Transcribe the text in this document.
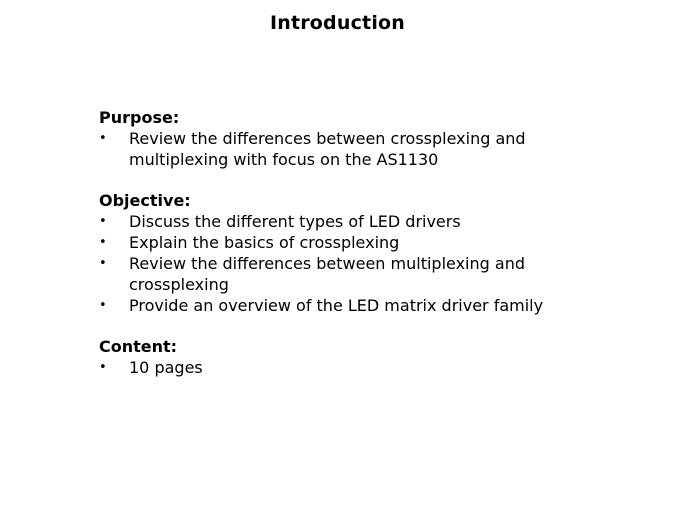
Introduction
Purpose:
• Review the differences between crossplexing and multiplexing with focus on the AS1130
Objective:
• Discuss the different types of LED drivers
• Explain the basics of crossplexing
• Review the differences between multiplexing and crossplexing
• Provide an overview of the LED matrix driver family
Content:
• 10 pages
